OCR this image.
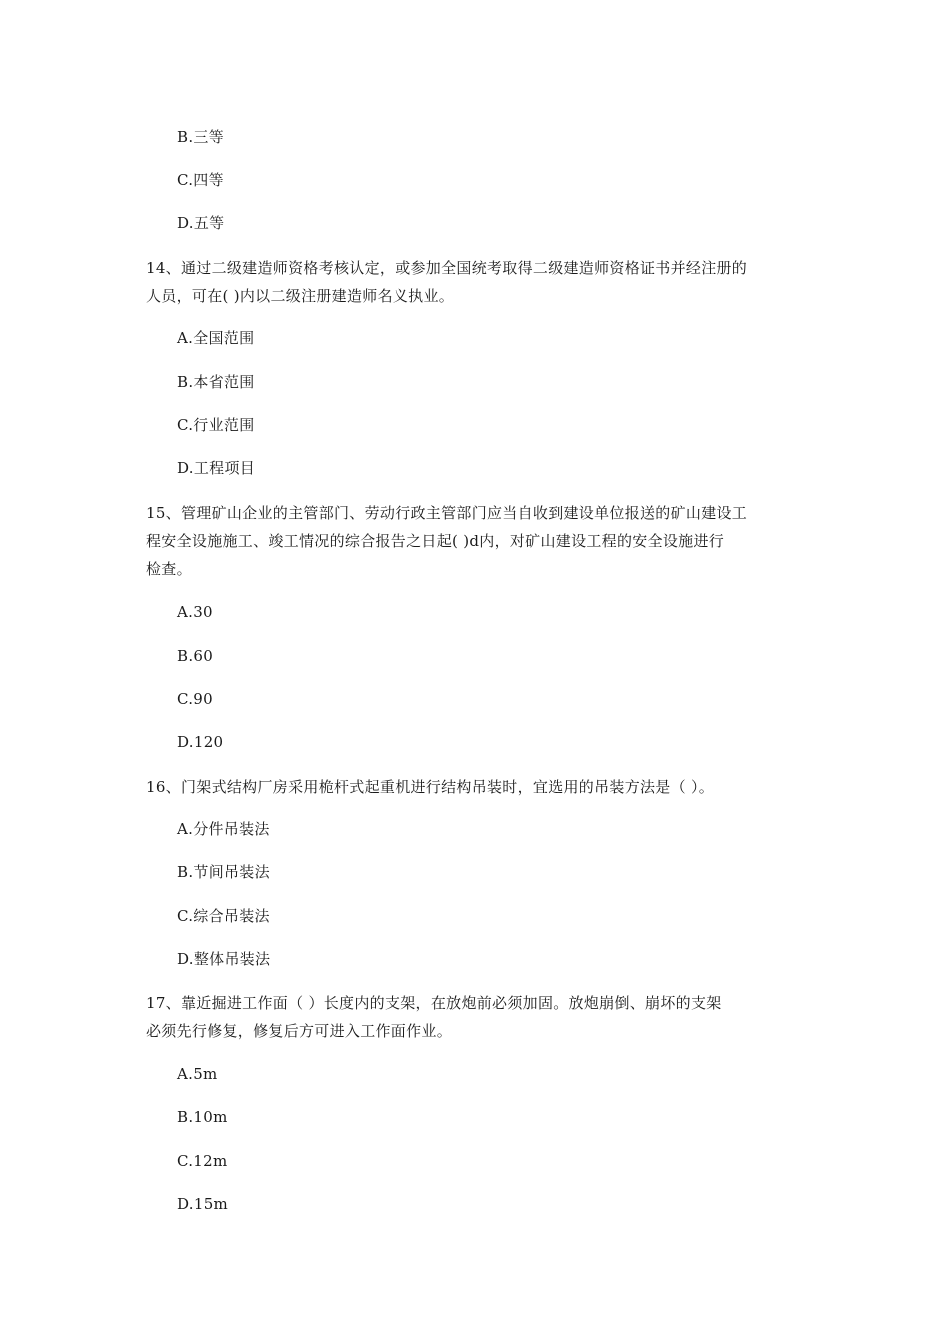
B.三等
C.四等
D.五等
14、通过二级建造师资格考核认定，或参加全国统考取得二级建造师资格证书并经注册的
人员，可在( )内以二级注册建造师名义执业。
A.全国范围
B.本省范围
C.行业范围
D.工程项目
15、管理矿山企业的主管部门、劳动行政主管部门应当自收到建设单位报送的矿山建设工
程安全设施施工、竣工情况的综合报告之日起( )d内，对矿山建设工程的安全设施进行
检查。
A.30
B.60
C.90
D.120
16、门架式结构厂房采用桅杆式起重机进行结构吊装时，宜选用的吊装方法是（ ）。
A.分件吊装法
B.节间吊装法
C.综合吊装法
D.整体吊装法
17、靠近掘进工作面（ ）长度内的支架，在放炮前必须加固。放炮崩倒、崩坏的支架
必须先行修复，修复后方可进入工作面作业。
A.5m
B.10m
C.12m
D.15m
